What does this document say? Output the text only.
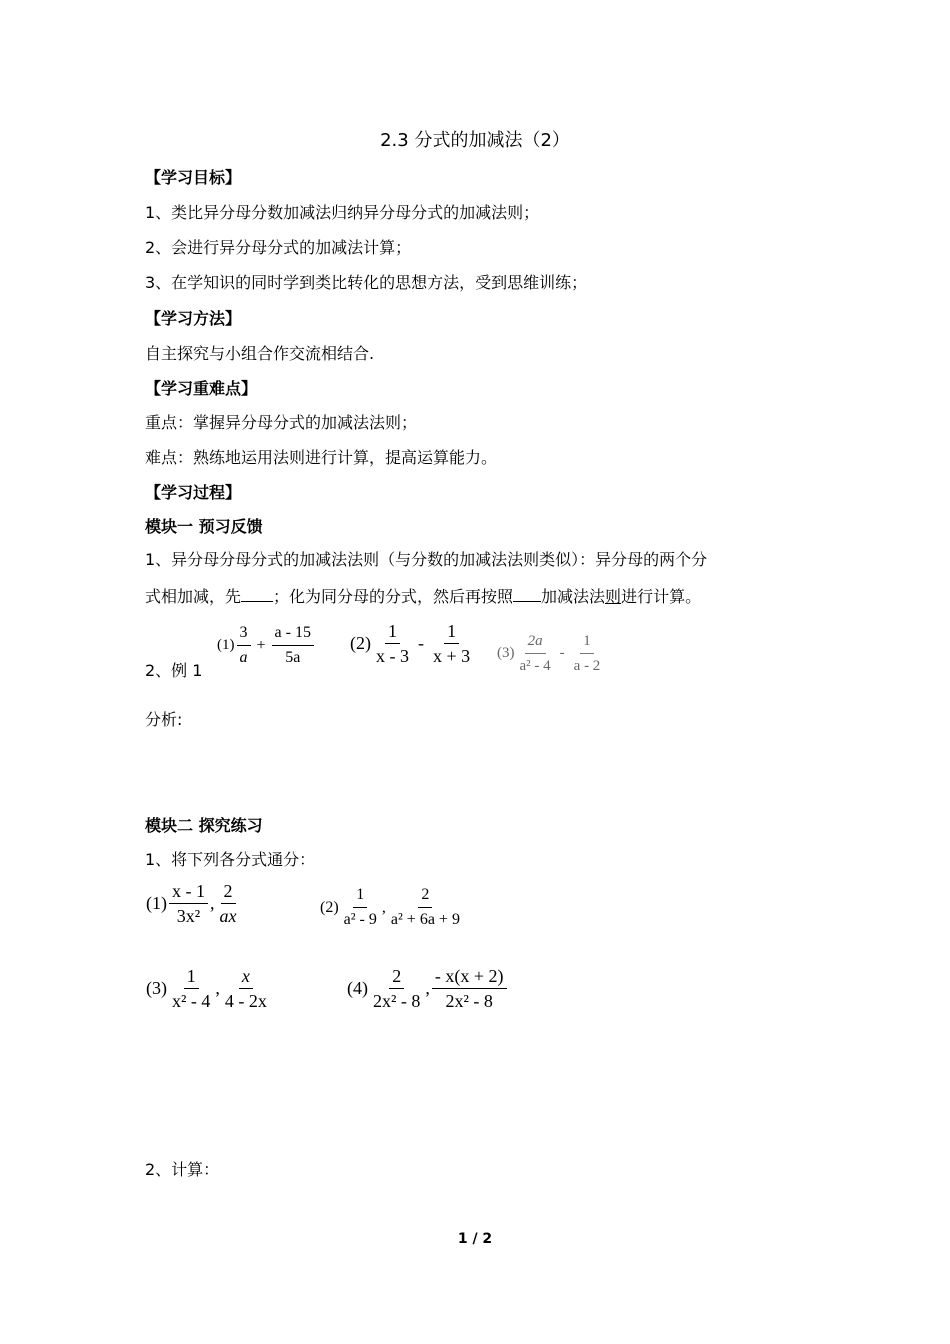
2.3 分式的加减法（2）
【学习目标】
1、类比异分母分数加减法归纳异分母分式的加减法则；
2、会进行异分母分式的加减法计算；
3、在学知识的同时学到类比转化的思想方法，受到思维训练；
【学习方法】
自主探究与小组合作交流相结合.
【学习重难点】
重点：掌握异分母分式的加减法法则；
难点：熟练地运用法则进行计算，提高运算能力。
【学习过程】
模块一 预习反馈
1、异分母分母分式的加减法法则（与分数的加减法法则类似）：异分母的两个分
式相加减，先 ；化为同分母的分式，然后再按照 加减法法则进行计算。
2、例 1
$(1) \frac{3}{a} + \frac{a - 15}{5a} (2) \frac{1}{x - 3} - \frac{1}{x + 3} (3) \frac{2a}{\text{a² - 4}} - \frac{1}{a - 2}$
分析:
模块二 探究练习
1、将下列各分式通分：
$(1) \frac{x - 1}{\text{3x²}}$ , $\frac{2}{ax}$	$(2) \frac{1}{\text{a² - 9}}$ , $\frac{2}{\text{a² + 6a + 9}}$
$(3) \frac{1}{\text{x² - 4}}$ , $\frac{x}{4 - 2x}$	$(4) \frac{2}{\text{2x² - 8}}$ , $\frac{- x(x + 2)}{\text{2x² - 8}}$
2、计算：
1 / 2
